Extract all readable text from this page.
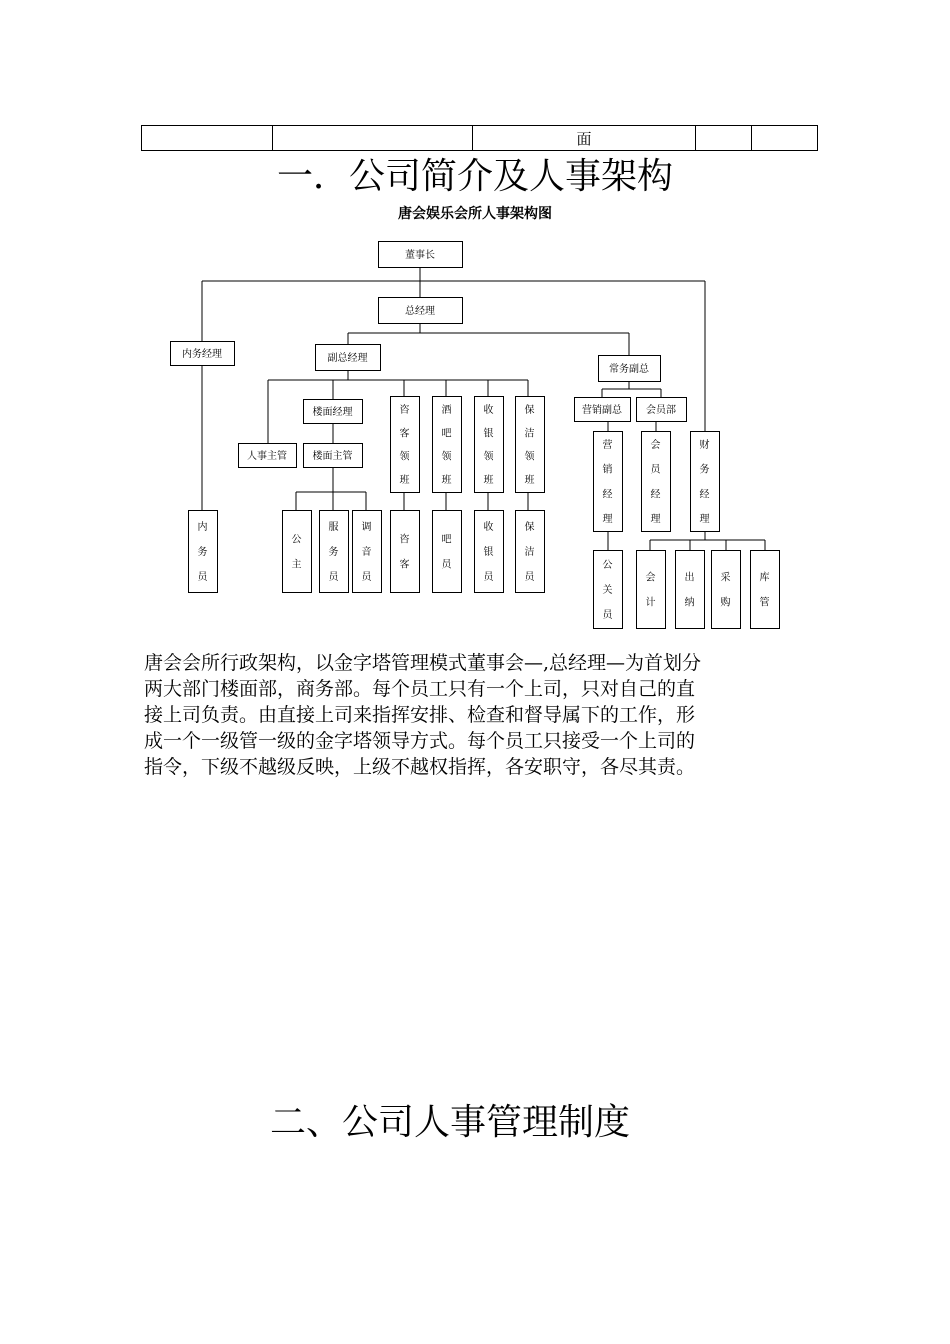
		面		
一．公司简介及人事架构
唐会娱乐会所人事架构图
董事长
总经理
内务经理	副总经理
常务副总
楼面经理
人事主管	楼面主管
咨客领班
酒吧领班
收银领班
保洁领班
营销副总 会员部
营销经理
会员经理
财务经理
内务员
公主
服务员
调音员
咨客
吧员
收银员
保洁员
公关员
会计
出纳
采购
库管
唐会会所行政架构，以金字塔管理模式董事会—,总经理—为首划分
两大部门楼面部，商务部。每个员工只有一个上司，只对自己的直
接上司负责。由直接上司来指挥安排、检查和督导属下的工作，形
成一个一级管一级的金字塔领导方式。每个员工只接受一个上司的
指令，下级不越级反映，上级不越权指挥，各安职守，各尽其责。
二、公司人事管理制度
